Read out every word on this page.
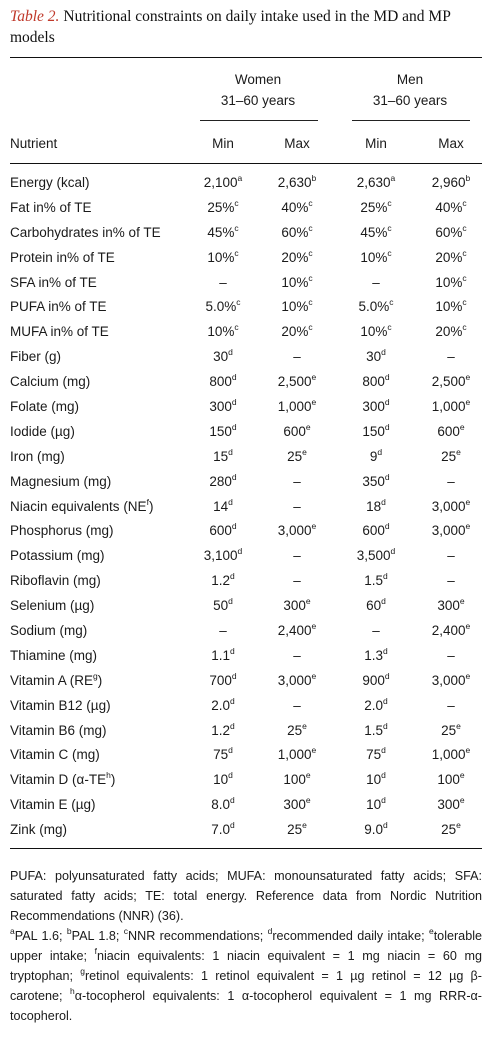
Table 2. Nutritional constraints on daily intake used in the MD and MP models
Women
31–60 years
Men
31–60 years
Nutrient	Min	Max	Min	Max
Energy (kcal)	2,100$^a$	2,630$^b$	2,630$^a$	2,960$^b$
Fat in% of TE	25%$^c$	40%$^c$	25%$^c$	40%$^c$
Carbohydrates in% of TE	45%$^c$	60%$^c$	45%$^c$	60%$^c$
Protein in% of TE	10%$^c$	20%$^c$	10%$^c$	20%$^c$
SFA in% of TE	–	10%$^c$	–	10%$^c$
PUFA in% of TE	5.0%$^c$	10%$^c$	5.0%$^c$	10%$^c$
MUFA in% of TE	10%$^c$	20%$^c$	10%$^c$	20%$^c$
Fiber (g)	30$^d$	–	30$^d$	–
Calcium (mg)	800$^d$	2,500e	800$^d$	2,500e
Folate (mg)	300$^d$	1,000e	300$^d$	1,000e
Iodide (µg)	150$^d$	600e	150$^d$	600e
Iron (mg)	15$^d$	25e	9$^d$	25e
Magnesium (mg)	280$^d$	–	350$^d$	–
Niacin equivalents $(NE^f)$	14$^d$	–	18$^d$	3,000e
Phosphorus (mg)	600$^d$	3,000e	600$^d$	3,000e
Potassium (mg)	3,100$^d$	–	3,500$^d$	–
Riboflavin (mg)	1.2$^d$	–	1.5$^d$	–
Selenium (µg)	50$^d$	300e	60$^d$	300e
Sodium (mg)	–	2,400e	–	2,400e
Thiamine (mg)	1.1$^d$	–	1.3$^d$	–
Vitamin A $(RE^g)$	700$^d$	3,000e	900$^d$	3,000e
Vitamin B12 (µg)	2.0$^d$	–	2.0$^d$	–
Vitamin B6 (mg)	1.2$^d$	25e	1.5$^d$	25e
Vitamin C (mg)	75$^d$	1,000e	75$^d$	1,000e
Vitamin D $(\alpha-TE^h)$	10$^d$	100e	10$^d$	100e
Vitamin E (µg)	8.0$^d$	300e	10$^d$	300e
Zink (mg)	7.0$^d$	25e	9.0$^d$	25e

PUFA: polyunsaturated fatty acids; MUFA: monounsaturated fatty acids; SFA: saturated fatty acids; TE: total energy. Reference data from Nordic Nutrition Recommendations (NNR) (36).

$^a$PAL 1.6; $^b$PAL 1.8; $^c$NNR recommendations; $^d$recommended daily intake; $^e$tolerable upper intake; $^f$niacin equivalents: 1 niacin equivalent = 1 mg niacin = 60 mg tryptophan; $^g$retinol equivalents: 1 retinol equivalent = 1 µg retinol = 12 µg β-carotene; $^h$α-tocopherol equivalents: 1 α-tocopherol equivalent = 1 mg RRR-α-tocopherol.
